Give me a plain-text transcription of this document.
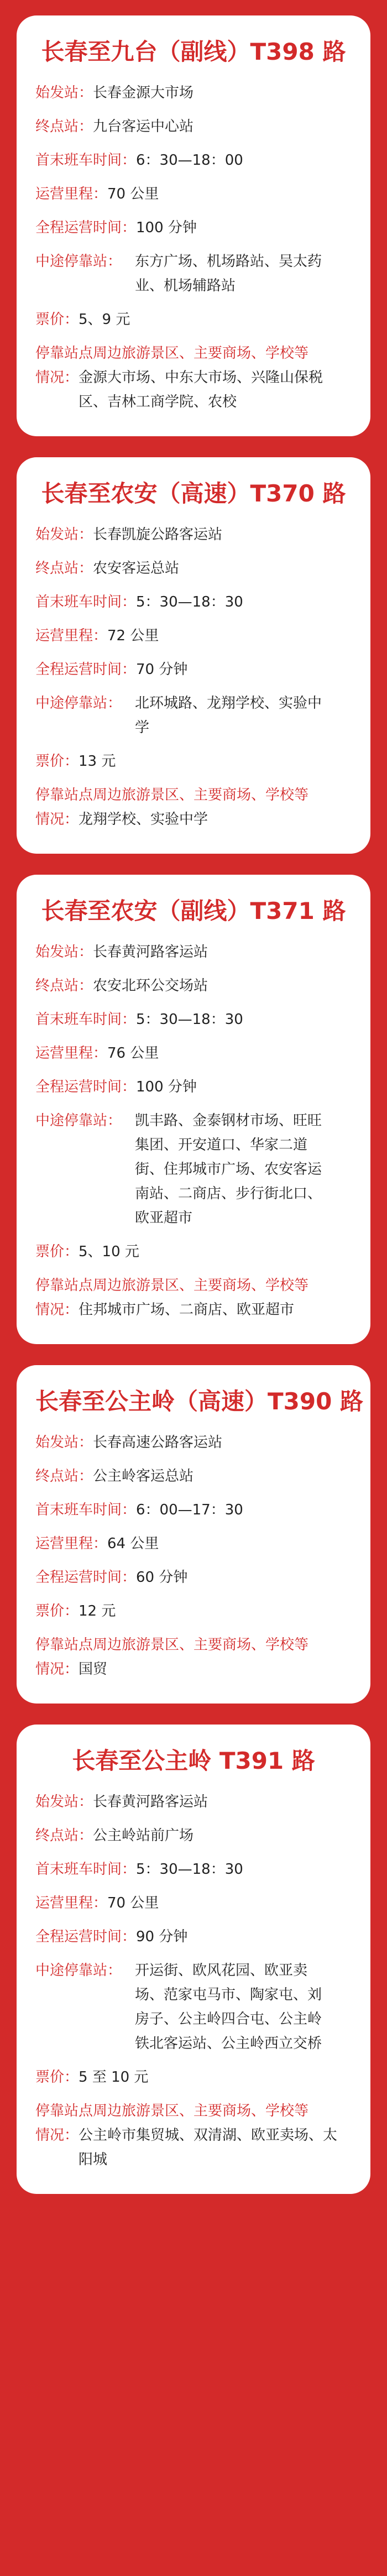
长春至九台（副线）T398 路
始发站： 长春金源大市场
终点站： 九台客运中心站
首末班车时间： 6：30—18：00
运营里程： 70 公里
全程运营时间： 100 分钟
中途停靠站： 东方广场、机场路站、吴太药业、机场辅路站
票价： 5、9 元
停靠站点周边旅游景区、主要商场、学校等
情况： 金源大市场、中东大市场、兴隆山保税区、吉林工商学院、农校
长春至农安（高速）T370 路
始发站： 长春凯旋公路客运站
终点站： 农安客运总站
首末班车时间： 5：30—18：30
运营里程： 72 公里
全程运营时间： 70 分钟
中途停靠站： 北环城路、龙翔学校、实验中学
票价： 13 元
停靠站点周边旅游景区、主要商场、学校等
情况： 龙翔学校、实验中学
长春至农安（副线）T371 路
始发站： 长春黄河路客运站
终点站： 农安北环公交场站
首末班车时间： 5：30—18：30
运营里程： 76 公里
全程运营时间： 100 分钟
中途停靠站： 凯丰路、金泰钢材市场、旺旺集团、开安道口、华家二道街、住邦城市广场、农安客运南站、二商店、步行街北口、欧亚超市
票价： 5、10 元
停靠站点周边旅游景区、主要商场、学校等
情况： 住邦城市广场、二商店、欧亚超市
长春至公主岭（高速）T390 路
始发站： 长春高速公路客运站
终点站： 公主岭客运总站
首末班车时间： 6：00—17：30
运营里程： 64 公里
全程运营时间： 60 分钟
票价： 12 元
停靠站点周边旅游景区、主要商场、学校等
情况： 国贸
长春至公主岭 T391 路
始发站： 长春黄河路客运站
终点站： 公主岭站前广场
首末班车时间： 5：30—18：30
运营里程： 70 公里
全程运营时间： 90 分钟
中途停靠站： 开运街、欧风花园、欧亚卖场、范家屯马市、陶家屯、刘房子、公主岭四合屯、公主岭铁北客运站、公主岭西立交桥
票价： 5 至 10 元
停靠站点周边旅游景区、主要商场、学校等
情况： 公主岭市集贸城、双清湖、欧亚卖场、太阳城
